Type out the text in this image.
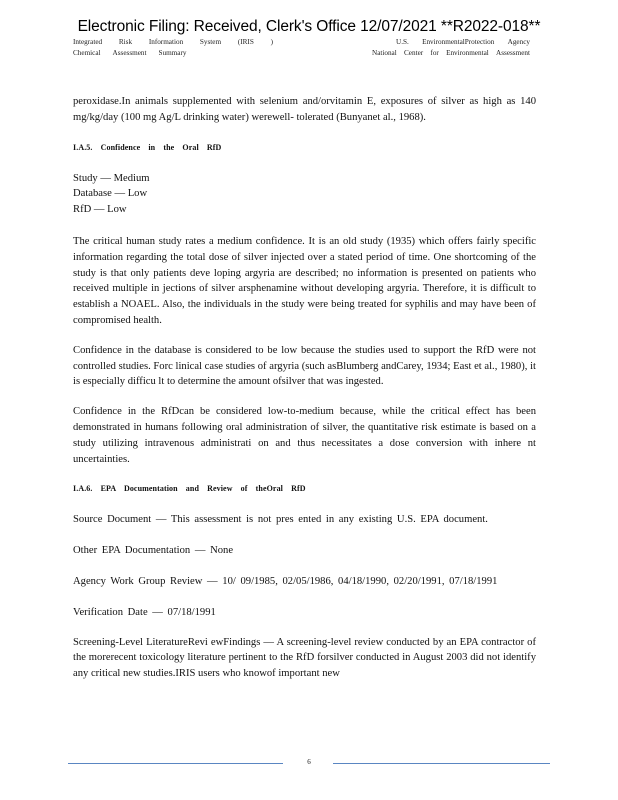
Electronic Filing: Received, Clerk's Office 12/07/2021 **R2022-018**
Integrated Risk Information System (IRIS )
Chemical Assessment Summary
U.S. EnvironmentalProtection Agency
National Center for Environmental Assessment

peroxidase.In animals supplemented with selenium and/orvitamin E, exposures of silver as high as 140 mg/kg/day (100 mg Ag/L drinking water) werewell- tolerated (Bunyanet al., 1968).

I.A.5. Confidence in the Oral RfD
Study — Medium
Database — Low
RfD — Low

The critical human study rates a medium confidence. It is an old study (1935) which offers fairly specific information regarding the total dose of silver injected over a stated period of time. One shortcoming of the study is that only patients deve loping argyria are described; no information is presented on patients who received multiple in jections of silver arsphenamine without developing argyria. Therefore, it is difficult to establish a NOAEL. Also, the individuals in the study were being treated for syphilis and may have been of compromised health.

Confidence in the database is considered to be low because the studies used to support the RfD were not controlled studies. Forc linical case studies of argyria (such asBlumberg andCarey, 1934; East et al., 1980), it is especially difficu lt to determine the amount ofsilver that was ingested.

Confidence in the RfDcan be considered low-to-medium because, while the critical effect has been demonstrated in humans following oral administration of silver, the quantitative risk estimate is based on a study utilizing intravenous administrati on and thus necessitates a dose conversion with inhere nt uncertainties.

I.A.6. EPA Documentation and Review of theOral RfD
Source Document — This assessment is not pres ented in any existing U.S. EPA document.
Other EPA Documentation — None
Agency Work Group Review — 10/ 09/1985, 02/05/1986, 04/18/1990, 02/20/1991, 07/18/1991
Verification Date — 07/18/1991

Screening-Level LiteratureRevi ewFindings — A screening-level review conducted by an EPA contractor of the morerecent toxicology literature pertinent to the RfD forsilver conducted in August 2003 did not identify any critical new studies.IRIS users who knowof important new

6
